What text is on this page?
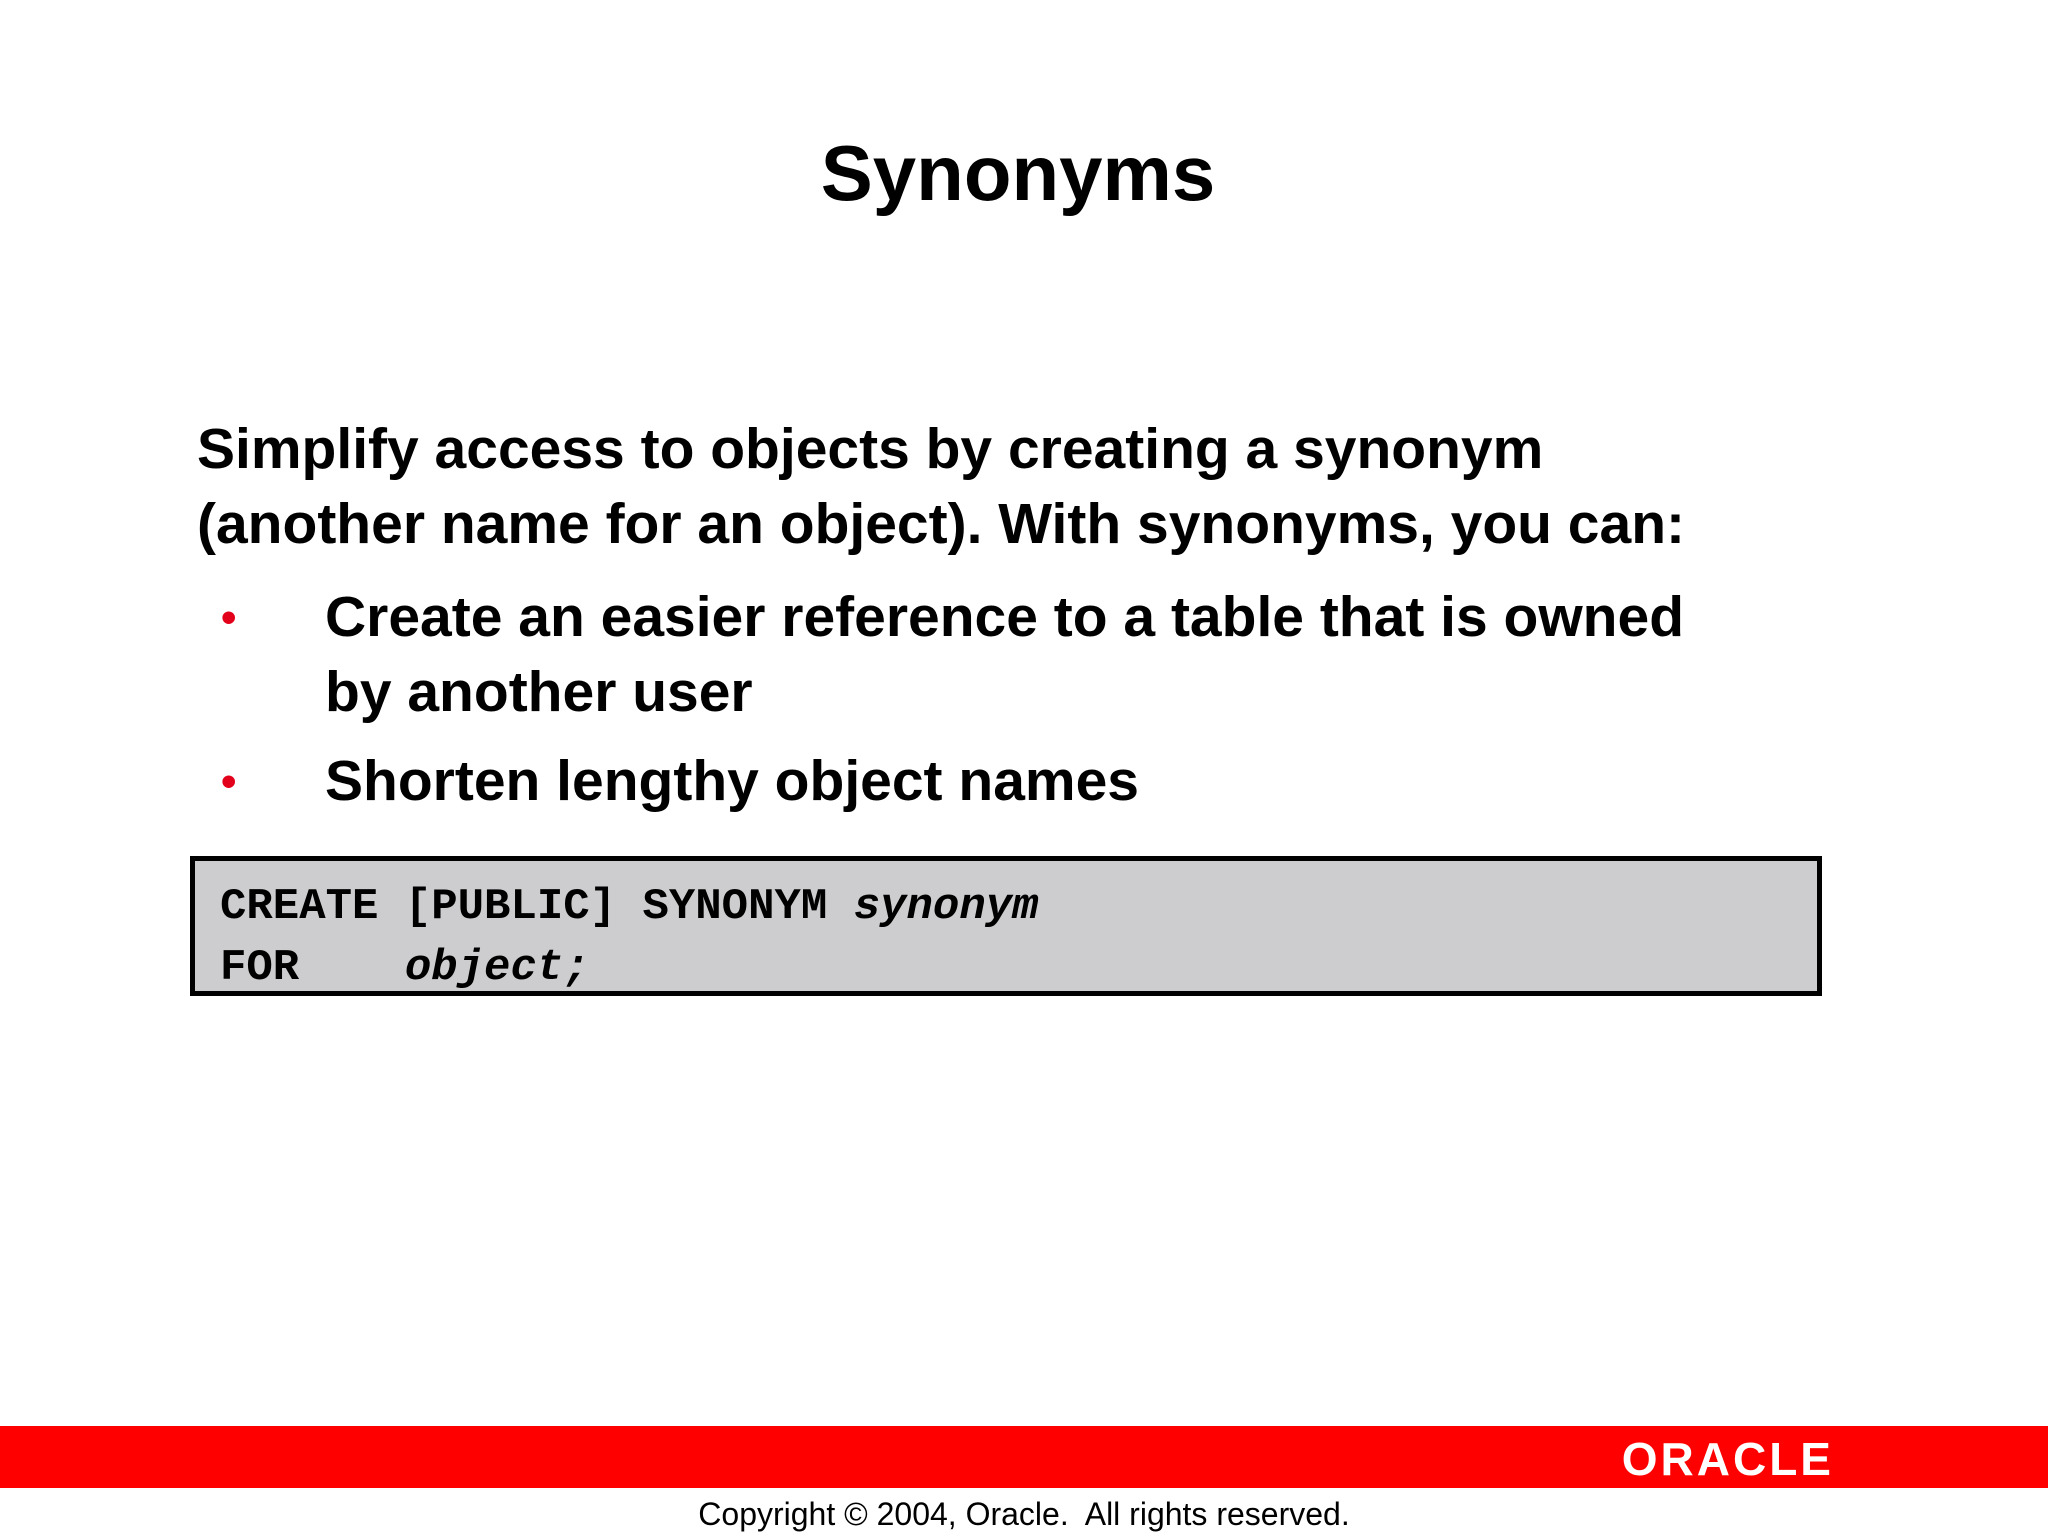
Synonyms
Simplify access to objects by creating a synonym
(another name for an object). With synonyms, you can:
• Create an easier reference to a table that is owned
by another user
• Shorten lengthy object names
CREATE [PUBLIC] SYNONYM synonym
FOR    object;
ORACLE
Copyright © 2004, Oracle.  All rights reserved.
